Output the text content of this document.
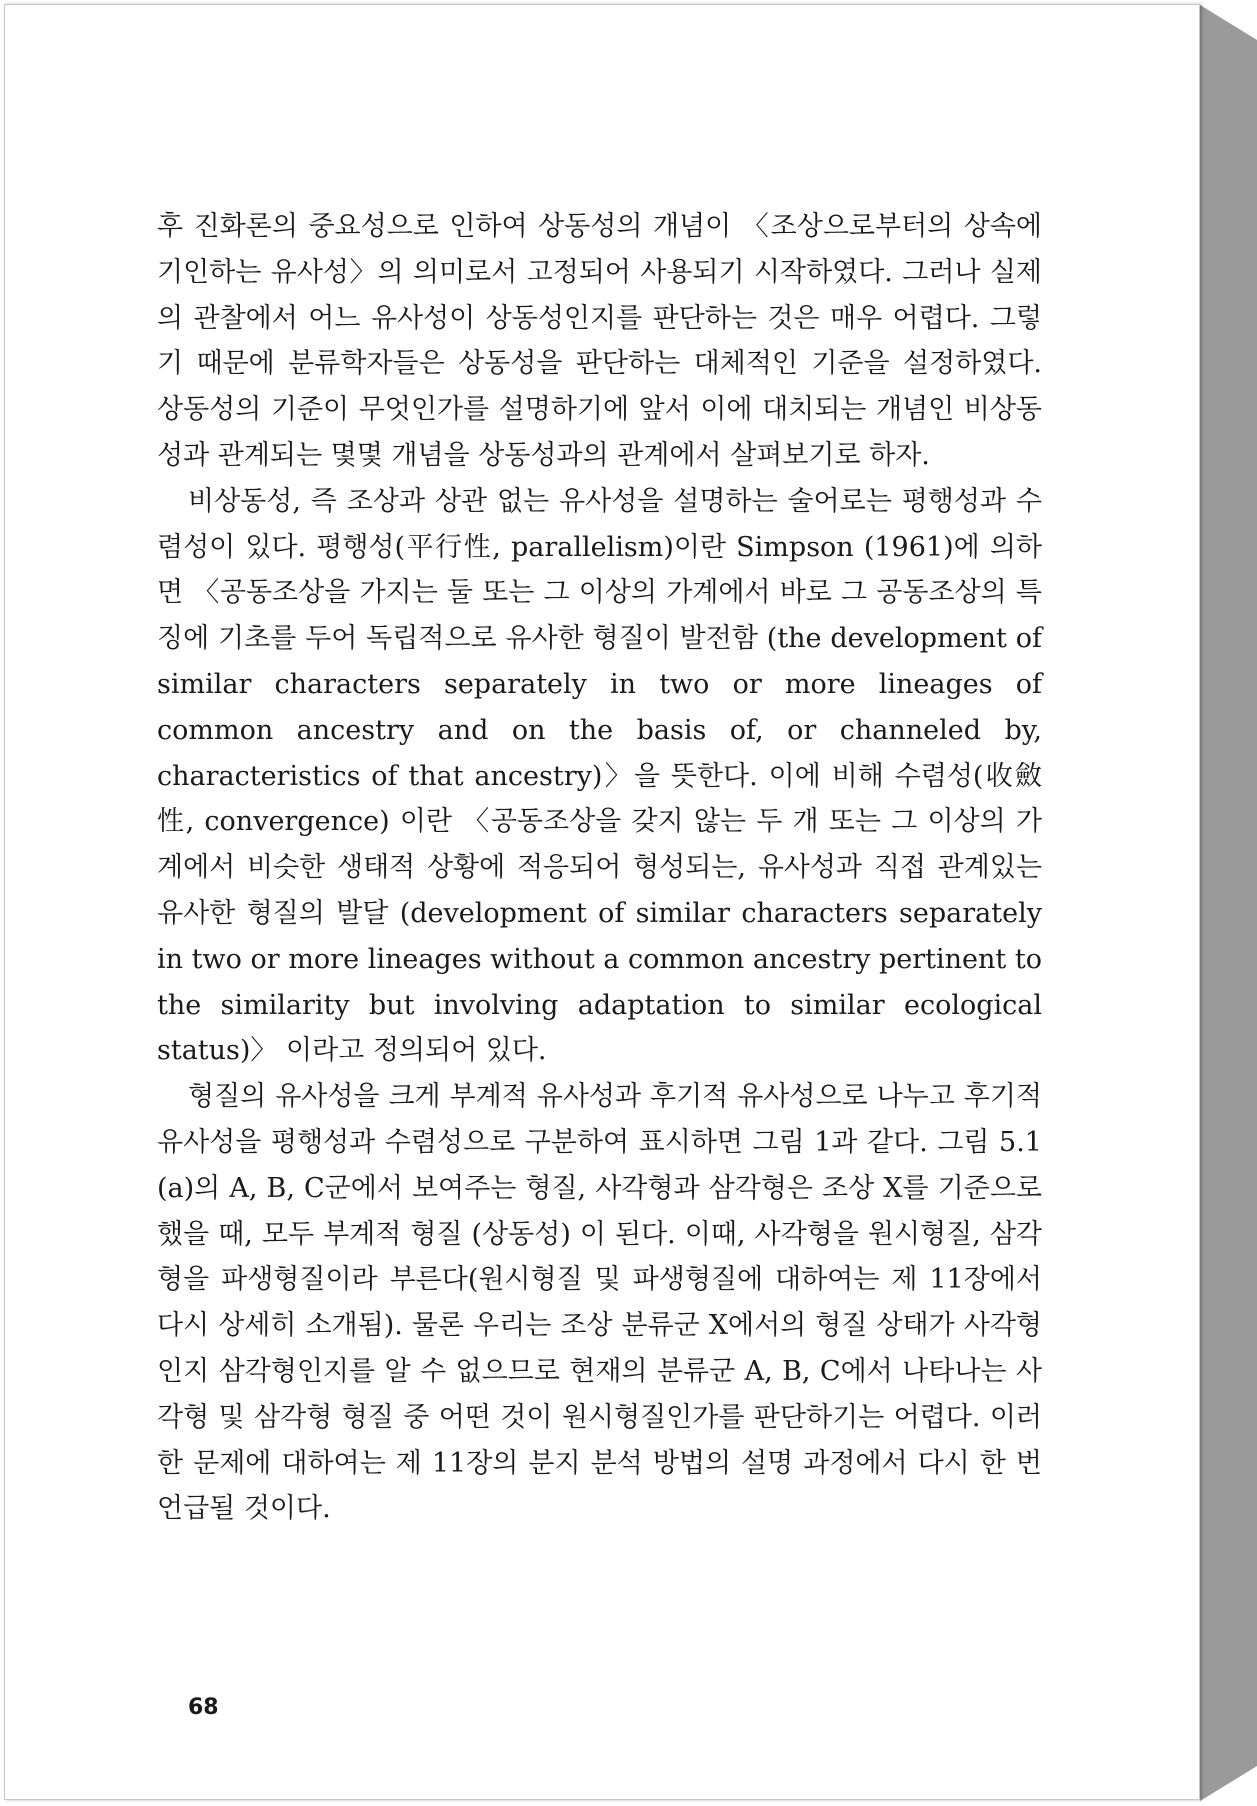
후 진화론의 중요성으로 인하여 상동성의 개념이 〈조상으로부터의 상속에 기인하는 유사성〉의 의미로서 고정되어 사용되기 시작하였다. 그러나 실제의 관찰에서 어느 유사성이 상동성인지를 판단하는 것은 매우 어렵다. 그렇기 때문에 분류학자들은 상동성을 판단하는 대체적인 기준을 설정하였다. 상동성의 기준이 무엇인가를 설명하기에 앞서 이에 대치되는 개념인 비상동성과 관계되는 몇몇 개념을 상동성과의 관계에서 살펴보기로 하자.

비상동성, 즉 조상과 상관 없는 유사성을 설명하는 술어로는 평행성과 수렴성이 있다. 평행성(平行性, parallelism)이란 Simpson (1961)에 의하면 〈공동조상을 가지는 둘 또는 그 이상의 가계에서 바로 그 공동조상의 특징에 기초를 두어 독립적으로 유사한 형질이 발전함 (the development of similar characters separately in two or more lineages of common ancestry and on the basis of, or channeled by, characteristics of that ancestry)〉을 뜻한다. 이에 비해 수렴성(收斂性, convergence) 이란 〈공동조상을 갖지 않는 두 개 또는 그 이상의 가계에서 비슷한 생태적 상황에 적응되어 형성되는, 유사성과 직접 관계있는 유사한 형질의 발달 (development of similar characters separately in two or more lineages without a common ancestry pertinent to the similarity but involving adaptation to similar ecological status)〉 이라고 정의되어 있다.

형질의 유사성을 크게 부계적 유사성과 후기적 유사성으로 나누고 후기적 유사성을 평행성과 수렴성으로 구분하여 표시하면 그림 1과 같다. 그림 5.1 (a)의 A, B, C군에서 보여주는 형질, 사각형과 삼각형은 조상 X를 기준으로 했을 때, 모두 부계적 형질 (상동성) 이 된다. 이때, 사각형을 원시형질, 삼각형을 파생형질이라 부른다(원시형질 및 파생형질에 대하여는 제 11장에서 다시 상세히 소개됨). 물론 우리는 조상 분류군 X에서의 형질 상태가 사각형인지 삼각형인지를 알 수 없으므로 현재의 분류군 A, B, C에서 나타나는 사각형 및 삼각형 형질 중 어떤 것이 원시형질인가를 판단하기는 어렵다. 이러한 문제에 대하여는 제 11장의 분지 분석 방법의 설명 과정에서 다시 한 번 언급될 것이다.

68
